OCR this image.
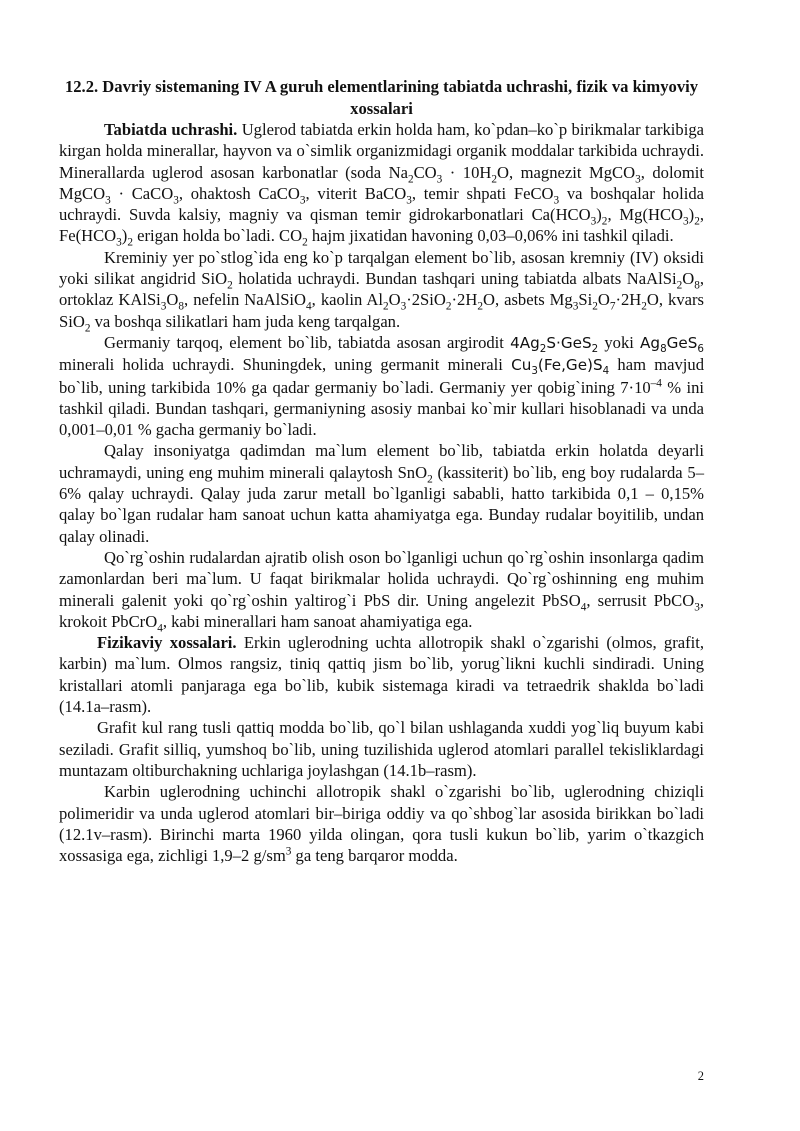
12.2. Davriy sistemaning IV A guruh elementlarining tabiatda uchrashi, fizik va kimyoviy xossalari

Tabiatda uchrashi. Uglerod tabiatda erkin holda ham, ko`pdan–ko`p birikmalar tarkibiga kirgan holda minerallar, hayvon va o`simlik organizmidagi organik moddalar tarkibida uchraydi. Minerallarda uglerod asosan karbonatlar (soda $Na_2CO_3 \cdot 10H_2O$, magnezit MgCO$_3$, dolomit MgCO$_3$ · CaCO$_3$, ohaktosh CaCO$_3$, viterit BaCO$_3$, temir shpati FeCO$_3$ va boshqalar holida uchraydi. Suvda kalsiy, magniy va qisman temir gidrokarbonatlari $Ca(HCO_3)_2$, $Mg(HCO_3)_2$, $Fe(HCO_3)_2$ erigan holda bo`ladi. $CO_2$ hajm jixatidan havoning 0,03–0,06% ini tashkil qiladi.

Kreminiy yer po`stlog`ida eng ko`p tarqalgan element bo`lib, asosan kremniy (IV) oksidi yoki silikat angidrid SiO$_2$ holatida uchraydi. Bundan tashqari uning tabiatda albats $NaAlSi_2O_8$, ortoklaz $KAlSi_3O_8$, nefelin NaAlSiO$_4$, kaolin $Al_2O_3\cdot 2SiO_2\cdot 2H_2O$, asbets $Mg_3Si_2O_7\cdot 2H_2O$, kvars SiO$_2$ va boshqa silikatlari ham juda keng tarqalgan.

Germaniy tarqoq, element bo`lib, tabiatda asosan argirodit $4Ag_2S\cdot GeS_2$ yoki $Ag_8GeS_6$ minerali holida uchraydi. Shuningdek, uning germanit minerali $Cu_3(Fe,Ge)S_4$ ham mavjud bo`lib, uning tarkibida 10% ga qadar germaniy bo`ladi. Germaniy yer qobig`ining $7\cdot 10^{-4}$ % ini tashkil qiladi. Bundan tashqari, germaniyning asosiy manbai ko`mir kullari hisoblanadi va unda 0,001–0,01 % gacha germaniy bo`ladi.

Qalay insoniyatga qadimdan ma`lum element bo`lib, tabiatda erkin holatda deyarli uchramaydi, uning eng muhim minerali qalaytosh SnO$_2$ (kassiterit) bo`lib, eng boy rudalarda 5–6% qalay uchraydi. Qalay juda zarur metall bo`lganligi sababli, hatto tarkibida 0,1 – 0,15% qalay bo`lgan rudalar ham sanoat uchun katta ahamiyatga ega. Bunday rudalar boyitilib, undan qalay olinadi.

Qo`rg`oshin rudalardan ajratib olish oson bo`lganligi uchun qo`rg`oshin insonlarga qadim zamonlardan beri ma`lum. U faqat birikmalar holida uchraydi. Qo`rg`oshinning eng muhim minerali galenit yoki qo`rg`oshin yaltirog`i PbS dir. Uning angelezit PbSO$_4$, serrusit PbCO$_3$, krokoit PbCrO$_4$, kabi minerallari ham sanoat ahamiyatiga ega.

Fizikaviy xossalari. Erkin uglerodning uchta allotropik shakl o`zgarishi (olmos, grafit, karbin) ma`lum. Olmos rangsiz, tiniq qattiq jism bo`lib, yorug`likni kuchli sindiradi. Uning kristallari atomli panjaraga ega bo`lib, kubik sistemaga kiradi va tetraedrik shaklda bo`ladi (14.1a–rasm).

Grafit kul rang tusli qattiq modda bo`lib, qo`l bilan ushlaganda xuddi yog`liq buyum kabi seziladi. Grafit silliq, yumshoq bo`lib, uning tuzilishida uglerod atomlari parallel tekisliklardagi muntazam oltiburchakning uchlariga joylashgan (14.1b–rasm).

Karbin uglerodning uchinchi allotropik shakl o`zgarishi bo`lib, uglerodning chiziqli polimeridir va unda uglerod atomlari bir–biriga oddiy va qo`shbog`lar asosida birikkan bo`ladi (12.1v–rasm). Birinchi marta 1960 yilda olingan, qora tusli kukun bo`lib, yarim o`tkazgich xossasiga ega, zichligi 1,9–2 $g/sm^3$ ga teng barqaror modda.

2
